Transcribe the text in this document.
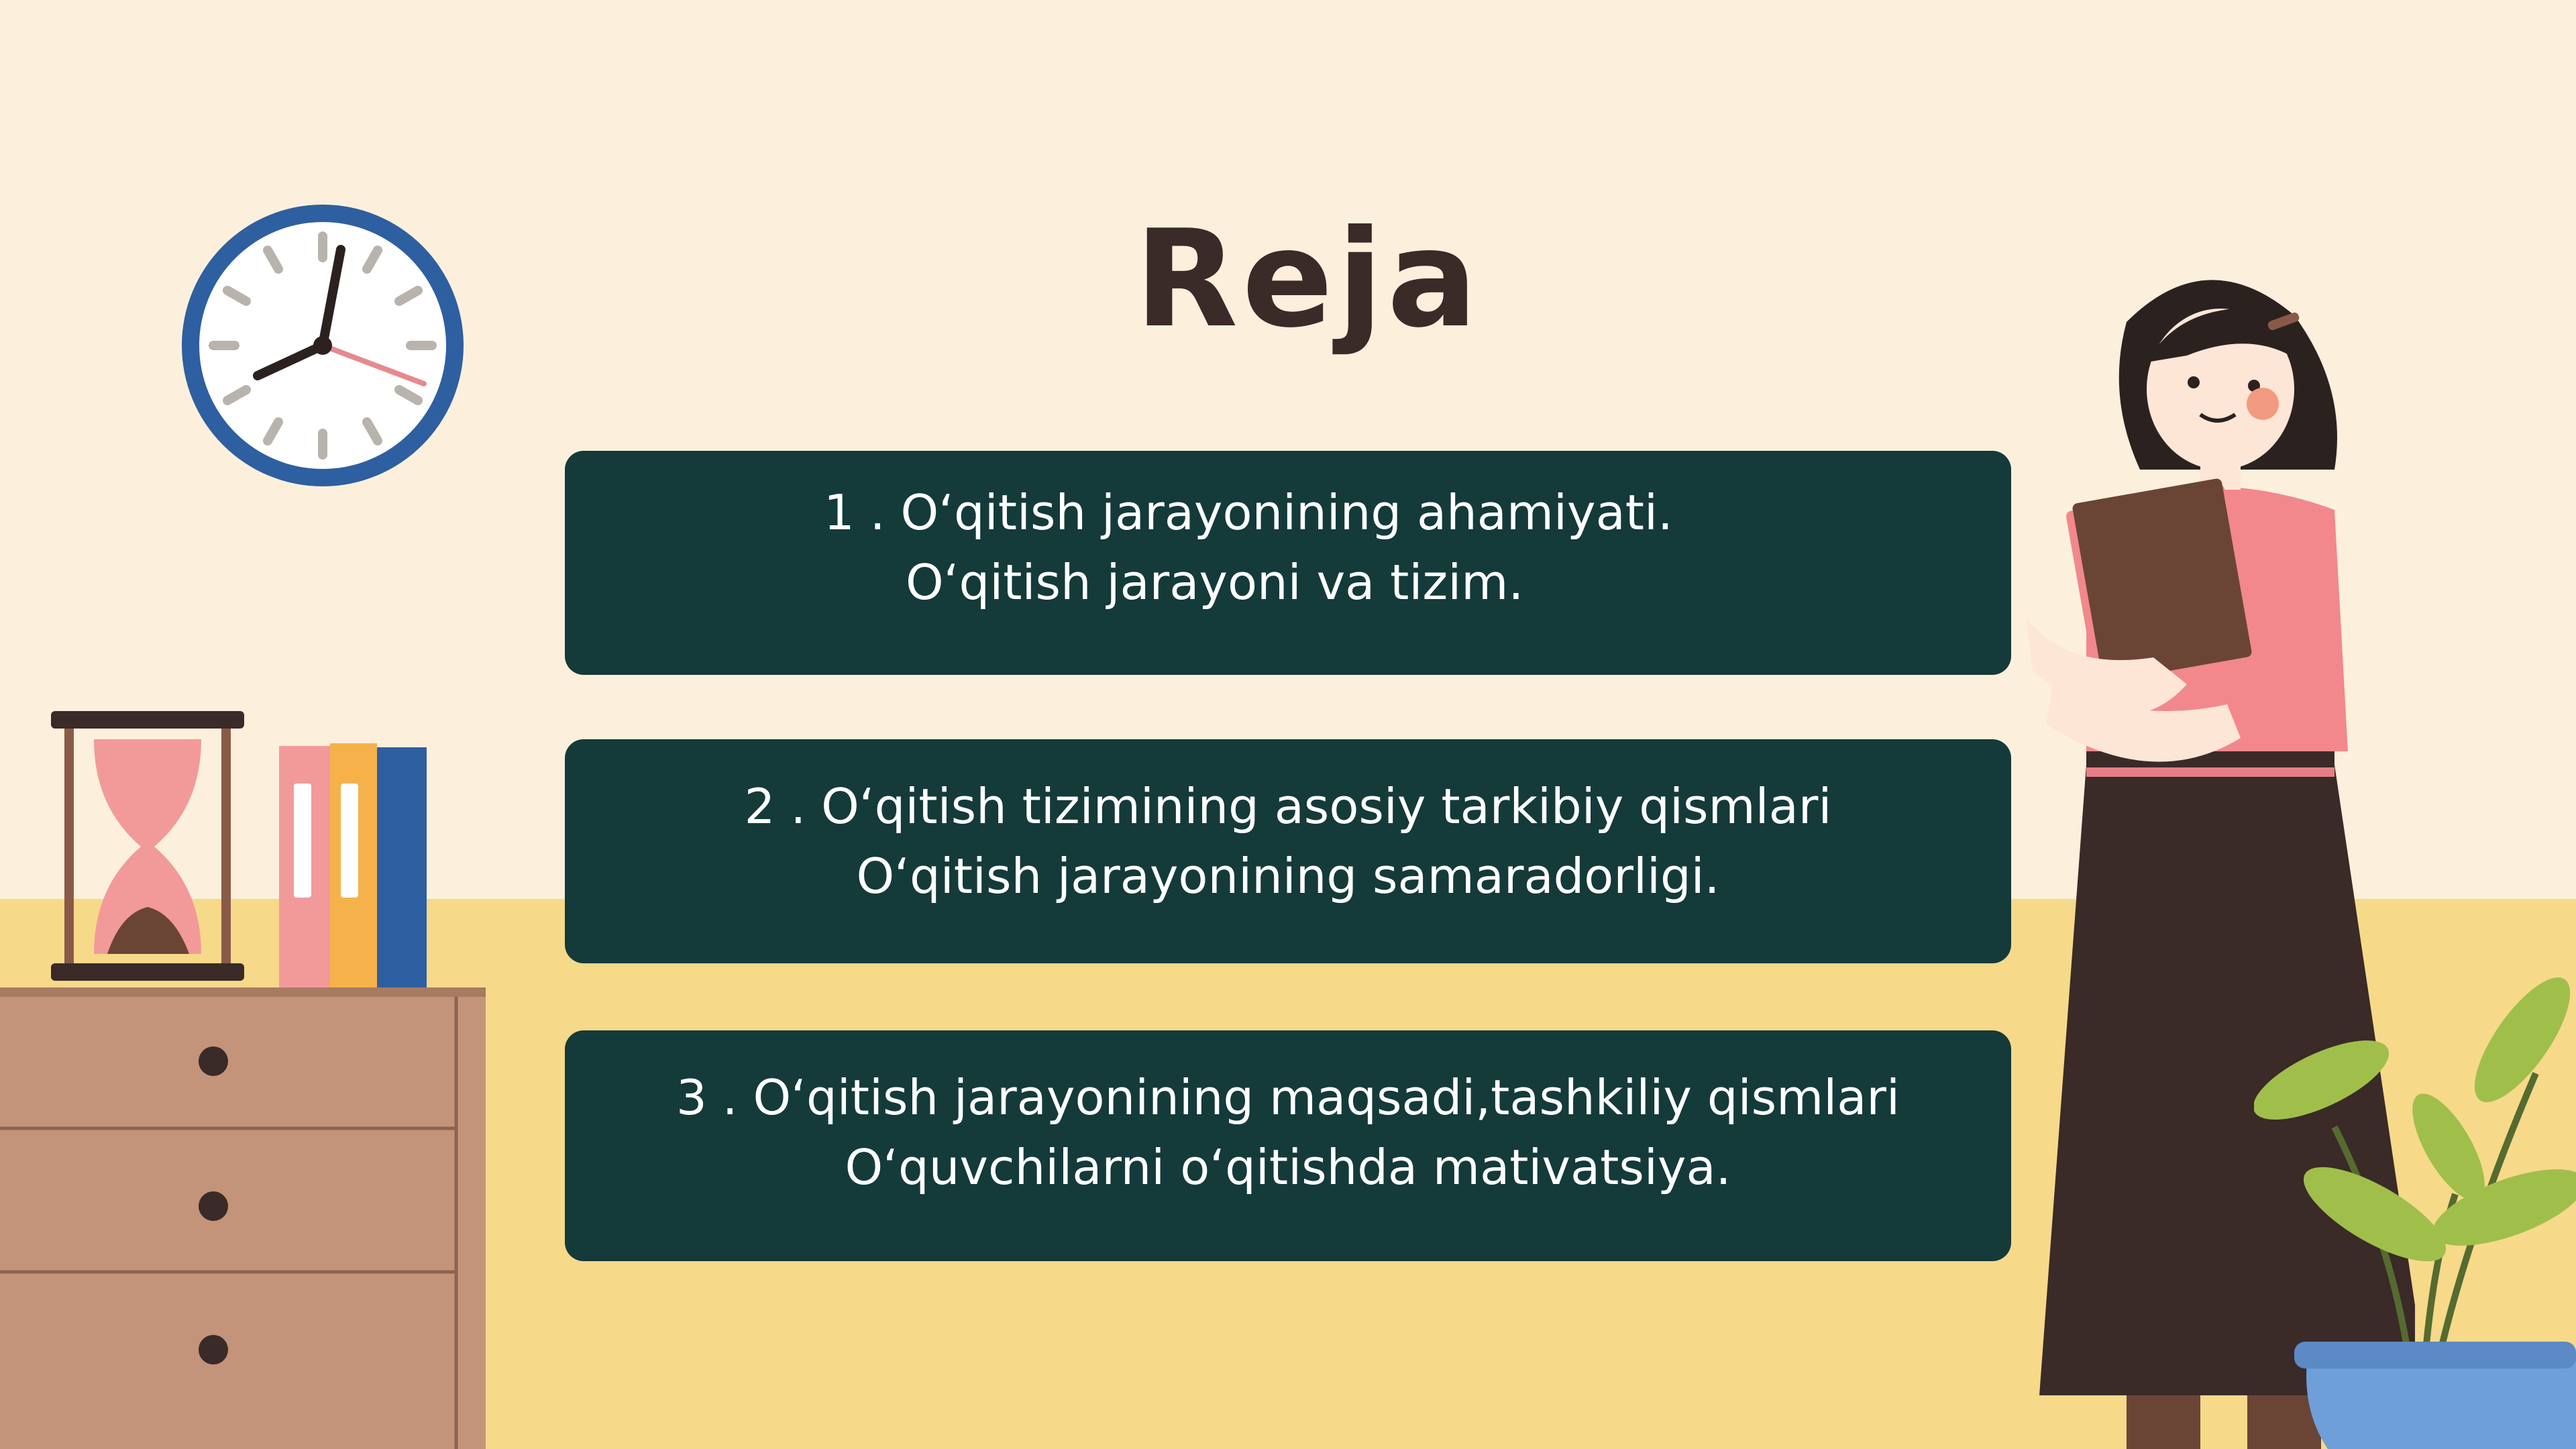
Reja
1 . O‘qitish jarayonining ahamiyati.
O‘qitish jarayoni va tizim.
2 . O‘qitish tizimining asosiy tarkibiy qismlari
O‘qitish jarayonining samaradorligi.
3 . O‘qitish jarayonining maqsadi,tashkiliy qismlari
O‘quvchilarni o‘qitishda mativatsiya.
